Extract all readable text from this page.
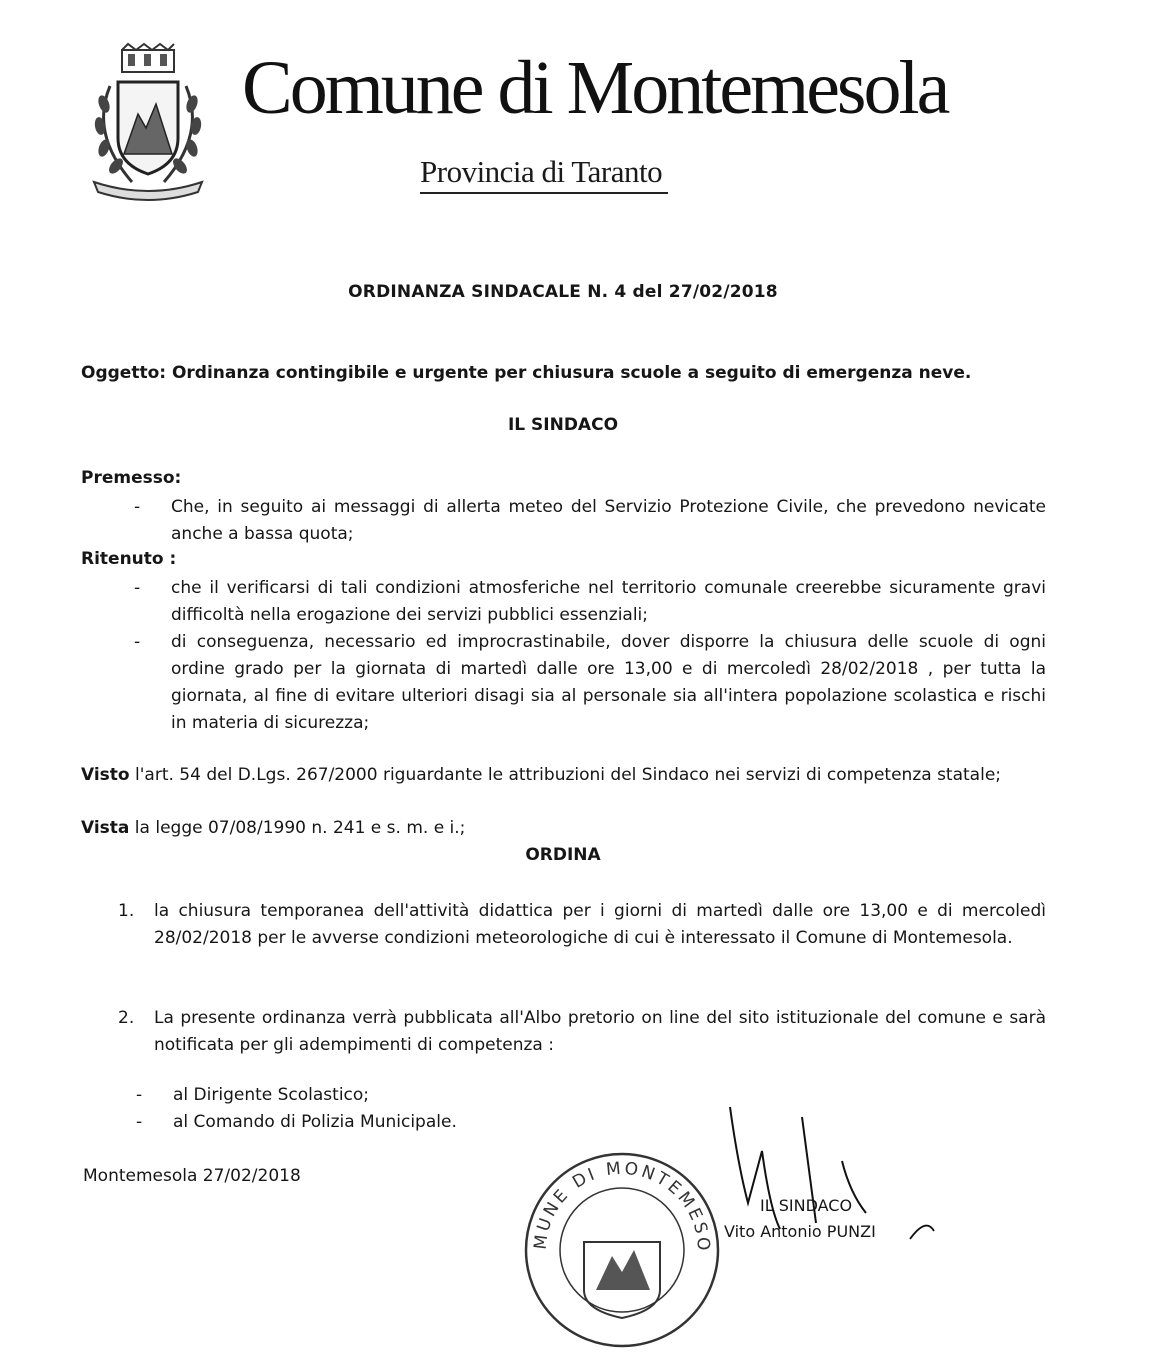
Comune di Montemesola
Provincia di Taranto
ORDINANZA SINDACALE N. 4 del 27/02/2018
Oggetto: Ordinanza contingibile e urgente per chiusura scuole a seguito di emergenza neve.
IL SINDACO
Premesso:
- Che, in seguito ai messaggi di allerta meteo del Servizio Protezione Civile, che prevedono nevicate anche a bassa quota;
Ritenuto :
- che il verificarsi di tali condizioni atmosferiche nel territorio comunale creerebbe sicuramente gravi difficoltà nella erogazione dei servizi pubblici essenziali;
- di conseguenza, necessario ed improcrastinabile, dover disporre la chiusura delle scuole di ogni ordine grado per la giornata di martedì dalle ore 13,00 e di mercoledì 28/02/2018 , per tutta la giornata, al fine di evitare ulteriori disagi sia al personale sia all'intera popolazione scolastica e rischi in materia di sicurezza;
Visto l'art. 54 del D.Lgs. 267/2000 riguardante le attribuzioni del Sindaco nei servizi di competenza statale;
Vista la legge 07/08/1990 n. 241 e s. m. e i.;
ORDINA
1. la chiusura temporanea dell'attività didattica per i giorni di martedì dalle ore 13,00 e di mercoledì 28/02/2018 per le avverse condizioni meteorologiche di cui è interessato il Comune di Montemesola.
2. La presente ordinanza verrà pubblicata all'Albo pretorio on line del sito istituzionale del comune e sarà notificata per gli adempimenti di competenza :
- al Dirigente Scolastico;
- al Comando di Polizia Municipale.
Montemesola 27/02/2018
MUNE DI MONTEMESO
IL SINDACO
Vito Antonio PUNZI
